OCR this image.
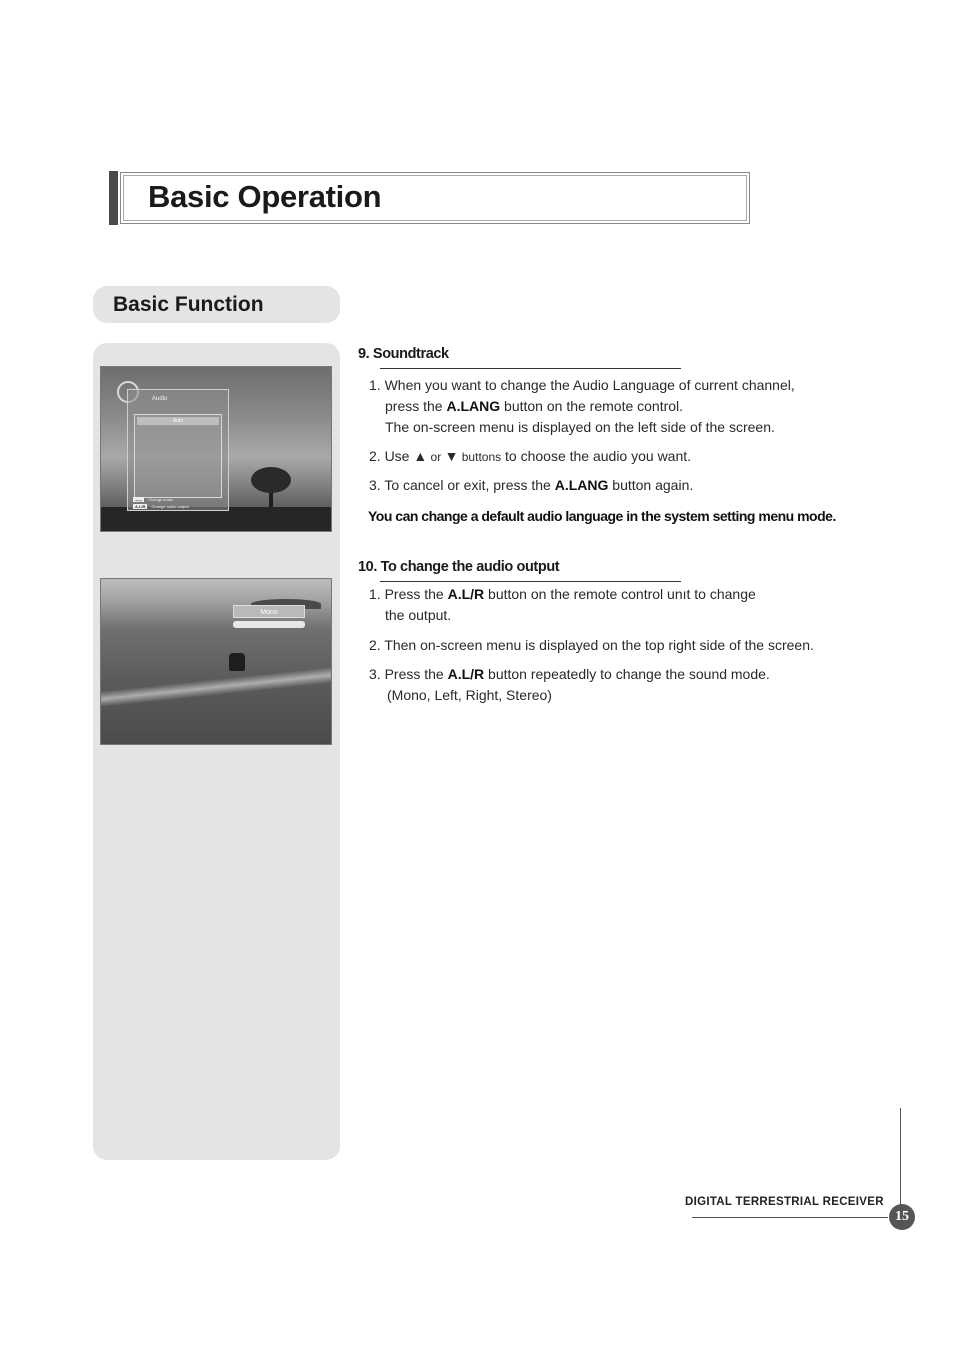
Basic Operation
Basic Function
Audio
Auto
⚊⚊	Change audio
A.L/R	Change audio output
Mono
9. Soundtrack
1. When you want to change the Audio Language of current channel,
press the A.LANG button on the remote control.
The on-screen menu is displayed on the left side of the screen.
2. Use ▲ or ▼ buttons to choose the audio you want.
3. To cancel or exit, press the A.LANG button again.
You can change a default audio language in the system setting menu mode.
10. To change the audio output
1. Press the A.L/R button on the remote control unıt to change
the output.
2. Then on-screen menu is displayed on the top right side of the screen.
3. Press the A.L/R button repeatedly to change the sound mode.
(Mono, Left, Right, Stereo)
DIGITAL TERRESTRIAL RECEIVER
15
